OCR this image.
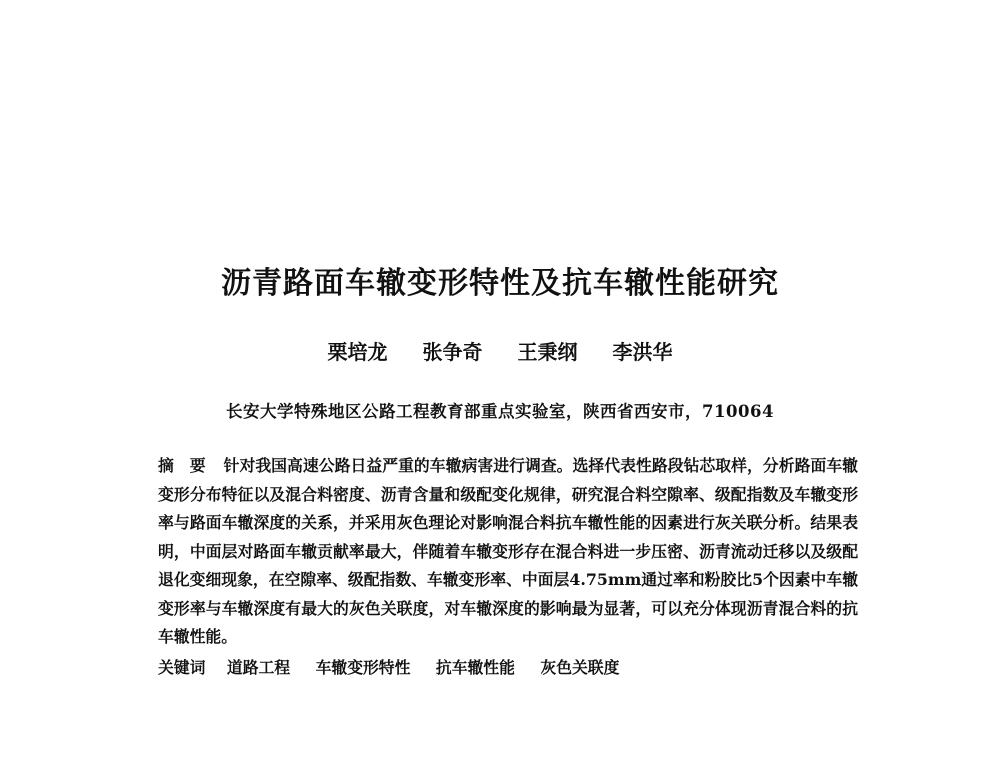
沥青路面车辙变形特性及抗车辙性能研究
栗培龙 张争奇 王秉纲 李洪华
长安大学特殊地区公路工程教育部重点实验室，陕西省西安市，710064
摘　要 针对我国高速公路日益严重的车辙病害进行调查。选择代表性路段钻芯取样，分析路面车辙变形分布特征以及混合料密度、沥青含量和级配变化规律，研究混合料空隙率、级配指数及车辙变形率与路面车辙深度的关系，并采用灰色理论对影响混合料抗车辙性能的因素进行灰关联分析。结果表明，中面层对路面车辙贡献率最大，伴随着车辙变形存在混合料进一步压密、沥青流动迁移以及级配退化变细现象，在空隙率、级配指数、车辙变形率、中面层4.75mm通过率和粉胶比5个因素中车辙变形率与车辙深度有最大的灰色关联度，对车辙深度的影响最为显著，可以充分体现沥青混合料的抗车辙性能。
关键词 道路工程 车辙变形特性 抗车辙性能 灰色关联度
